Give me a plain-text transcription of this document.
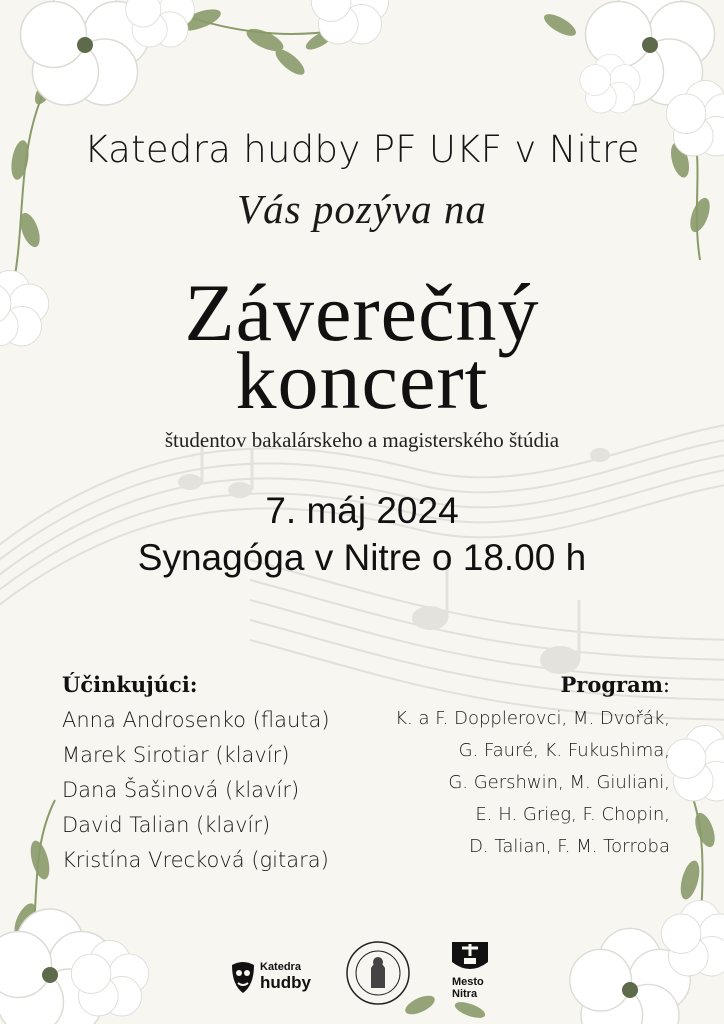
Katedra hudby PF UKF v Nitre
Vás pozýva na
Záverečný
koncert
študentov bakalárskeho a magisterského štúdia
7. máj 2024
Synagóga v Nitre o 18.00 h
Účinkujúci:
Anna Androsenko (flauta)
Marek Sirotiar (klavír)
Dana Šašinová (klavír)
David Talian (klavír)
Kristína Vrecková (gitara)
Program:
K. a F. Dopplerovci, M. Dvořák,
G. Fauré, K. Fukushima,
G. Gershwin, M. Giuliani,
E. H. Grieg, F. Chopin,
D. Talian, F. M. Torroba
Katedra
hudby	Mesto
Nitra
